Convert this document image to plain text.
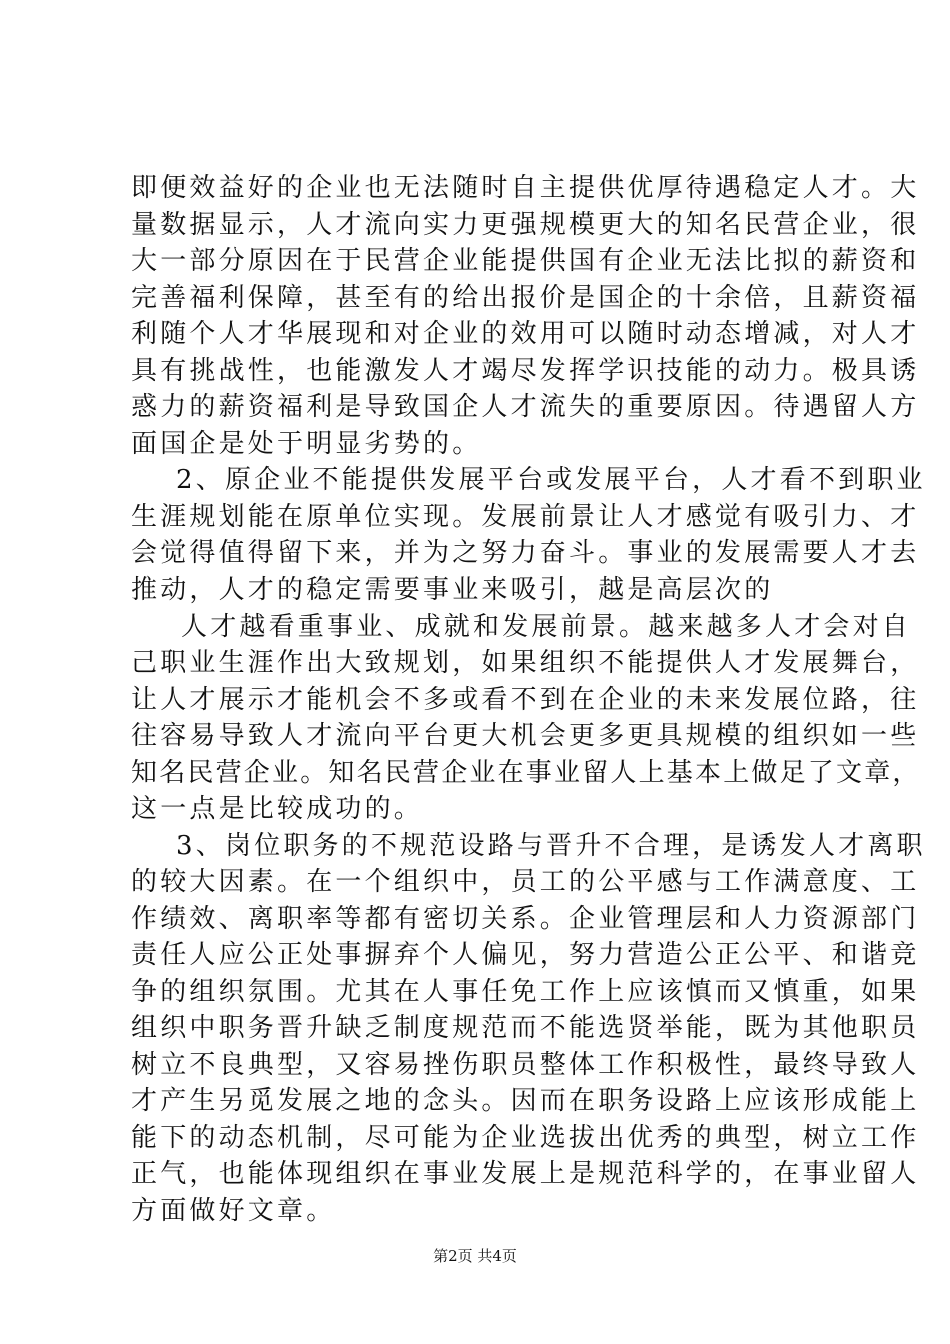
即便效益好的企业也无法随时自主提供优厚待遇稳定人才。大
量数据显示，人才流向实力更强规模更大的知名民营企业，很
大一部分原因在于民营企业能提供国有企业无法比拟的薪资和
完善福利保障，甚至有的给出报价是国企的十余倍，且薪资福
利随个人才华展现和对企业的效用可以随时动态增减，对人才
具有挑战性，也能激发人才竭尽发挥学识技能的动力。极具诱
惑力的薪资福利是导致国企人才流失的重要原因。待遇留人方
面国企是处于明显劣势的。
2、原企业不能提供发展平台或发展平台，人才看不到职业
生涯规划能在原单位实现。发展前景让人才感觉有吸引力、才
会觉得值得留下来，并为之努力奋斗。事业的发展需要人才去
推动，人才的稳定需要事业来吸引，越是高层次的
人才越看重事业、成就和发展前景。越来越多人才会对自
己职业生涯作出大致规划，如果组织不能提供人才发展舞台，
让人才展示才能机会不多或看不到在企业的未来发展位路，往
往容易导致人才流向平台更大机会更多更具规模的组织如一些
知名民营企业。知名民营企业在事业留人上基本上做足了文章，
这一点是比较成功的。
3、岗位职务的不规范设路与晋升不合理，是诱发人才离职
的较大因素。在一个组织中，员工的公平感与工作满意度、工
作绩效、离职率等都有密切关系。企业管理层和人力资源部门
责任人应公正处事摒弃个人偏见，努力营造公正公平、和谐竞
争的组织氛围。尤其在人事任免工作上应该慎而又慎重，如果
组织中职务晋升缺乏制度规范而不能选贤举能，既为其他职员
树立不良典型，又容易挫伤职员整体工作积极性，最终导致人
才产生另觅发展之地的念头。因而在职务设路上应该形成能上
能下的动态机制，尽可能为企业选拔出优秀的典型，树立工作
正气，也能体现组织在事业发展上是规范科学的，在事业留人
方面做好文章。
第2页 共4页
